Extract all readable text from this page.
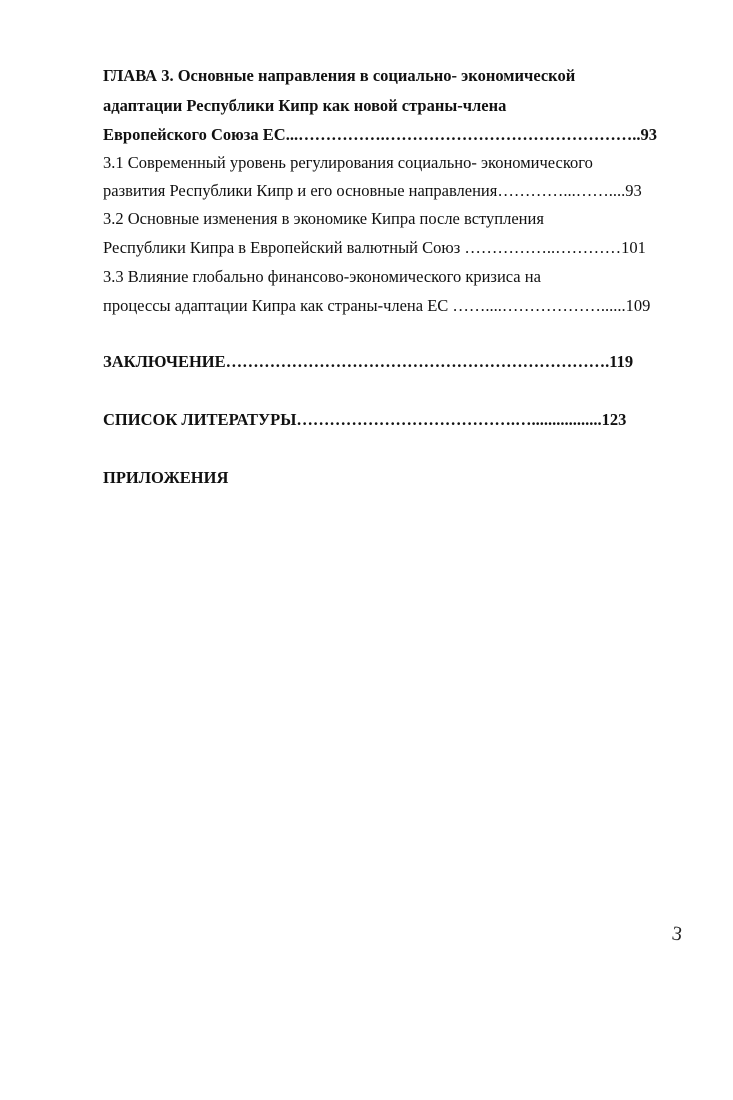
ГЛАВА 3. Основные направления в социально- экономической
адаптации Республики Кипр как новой страны-члена
Европейского Союза ЕС...…………….………………………………………..93
3.1 Современный уровень регулирования социально- экономического
развития Республики Кипр и его основные направления…………...……....93
3.2 Основные изменения в экономике Кипра после вступления
Республики Кипра в Европейский валютный Союз ……………..…………101
3.3 Влияние глобально финансово-экономического кризиса на
процессы адаптации Кипра как страны-члена ЕС ……....………………......109
ЗАКЛЮЧЕНИЕ…………………………………………………………….119
СПИСОК ЛИТЕРАТУРЫ………………………………….….................123
ПРИЛОЖЕНИЯ
3
